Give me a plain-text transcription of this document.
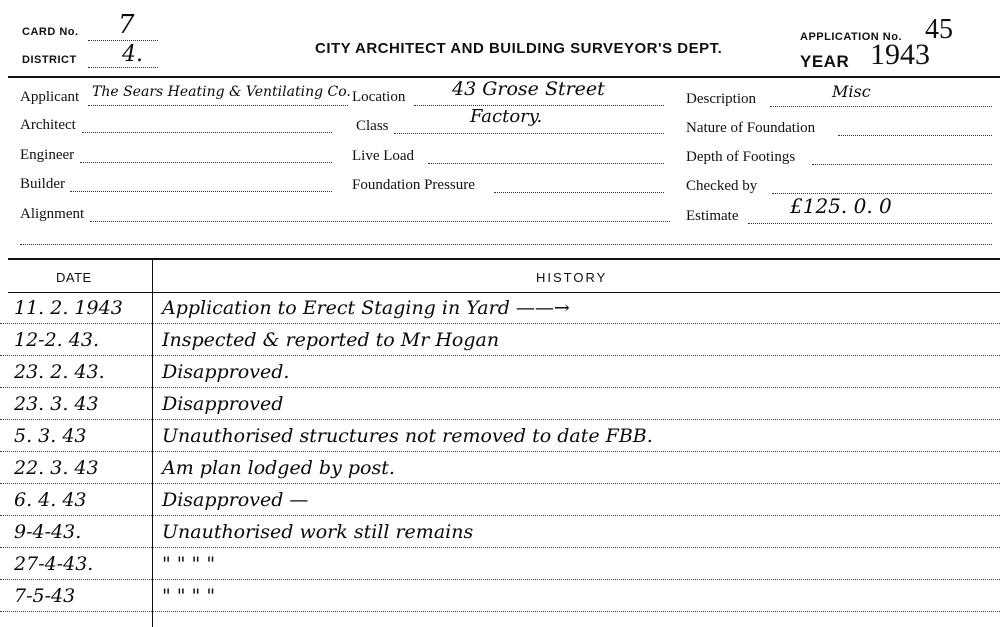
CARD No. 7
DISTRICT 4.	CITY ARCHITECT AND BUILDING SURVEYOR'S DEPT.
APPLICATION No. 45
YEAR 1943
Applicant The Sears Heating & Ventilating Co.
Architect
Engineer
Builder
Alignment
Location 43 Grose Street
Class	Factory.
Live Load
Foundation Pressure
Description	Misc
Nature of Foundation
Depth of Footings
Checked by
Estimate	£125. 0. 0
DATE	HISTORY
11. 2. 1943 Application to Erect Staging in Yard ——→
12-2. 43.	Inspected & reported to Mr Hogan
23. 2. 43.	Disapproved.
23. 3. 43	Disapproved
5. 3. 43	Unauthorised structures not removed to date FBB.
22. 3. 43	Am plan lodged by post.
6. 4. 43	Disapproved —
9-4-43.	Unauthorised work still remains
27-4-43.	" " " "
7-5-43	" " " "
